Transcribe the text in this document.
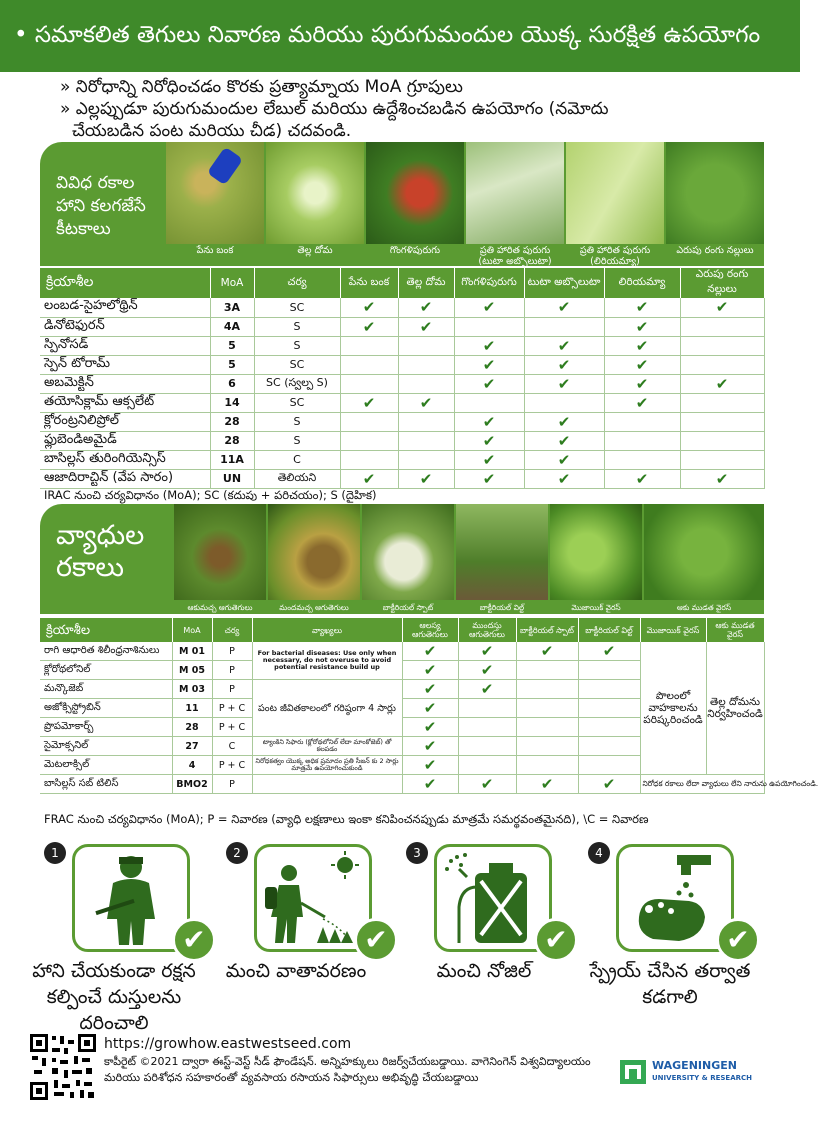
• సమాకలిత తెగులు నివారణ మరియు పురుగుమందుల యొక్క సురక్షిత ఉపయోగం
» నిరోధాన్ని నిరోధించడం కొరకు ప్రత్యామ్నాయ MoA గ్రూపులు
» ఎల్లప్పుడూ పురుగుమందుల లేబుల్ మరియు ఉద్దేశించబడిన ఉపయోగం (నమోదు
చేయబడిన పంట మరియు చీడ) చదవండి.
వివిధ రకాల
హాని కలగజేసే
కీటకాలు
పేను బంక	తెల్ల దోమ	గొంగళిపురుగు	ప్రతి హారిత పురుగు (టుటా అబ్సొలుటా)
ప్రతి హారిత పురుగు (లిరియమ్యా)
ఎరుపు రంగు నల్లులు
క్రియాశీల	MoA	చర్య	పేను బంక	తెల్ల దోమ	గొంగళిపురుగు	టుటా అబ్సొలుటా	లిరియమ్యా	ఎరుపు రంగు నల్లులు
లంబడ-సైహలోథ్రిన్	3A	SC	✔	✔	✔	✔	✔	✔
డినోటెఫురన్	4A	S	✔	✔			✔	
స్పినోసడ్	5	S			✔	✔	✔	
స్పెన్ టోరామ్	5	SC			✔	✔	✔	
అబమెక్టిన్	6	SC (స్వల్ప S)			✔	✔	✔	✔
తయోసిక్లామ్ ఆక్సలేట్	14	SC	✔	✔			✔	
క్లోరంట్రనిలిప్రోల్	28	S			✔	✔		
ఫ్లుబెండిఅమైడ్	28	S			✔	✔		
బాసిల్లస్ తురింగియెన్సిస్	11A	C			✔	✔		
ఆజాదిరాచ్టిన్ (వేప సారం)	UN	తెలియని	✔	✔	✔	✔	✔	✔
IRAC నుంచి చర్యవిధానం (MoA); SC (కదుపు + పరిచయం); S (దైహిక)
వ్యాధుల
రకాలు
ఆకుమచ్చ ఆగుతెగులు	మందమచ్చ ఆగుతెగులు	బాక్టీరియల్ స్పాట్	బాక్టీరియల్ విల్ట్	మొజాయిక్ వైరస్	ఆకు ముడత వైరస్
క్రియాశీల	MoA	చర్య	వ్యాఖ్యలు	ఆలస్య ఆగుతెగులు	ముందస్తు ఆగుతెగులు	బాక్టీరియల్ స్పాట్	బాక్టీరియల్ విల్ట్	మొజాయిక్ వైరస్	ఆకు ముడత వైరస్
రాగి ఆధారిత శిలీంధ్రనాశినులు	M 01	P	For bacterial diseases: Use only when necessary, do not overuse to avoid potential resistance build up	✔	✔	✔	✔	పొలంలో వాహకాలను పరిష్కరించండి	తెల్ల దోమను నిర్వహించండి
క్లోరోథలోనిల్	M 05	P		✔	✔				
మన్కొజెబ్	M 03	P	పంట జీవితకాలంలో గరిష్ఠంగా 4 సార్లు	✔	✔				
అజోక్సిస్ట్రోబిన్	11	P + C		✔					
ప్రొపమోకార్బ్	28	P + C		✔					
సైమోక్సనిల్	27	C	ట్యాంకిని సిఫారు (క్లోరోథలోనిల్ లేదా మాంకోజెబ్) తో కలపడం	✔					
మెటలాక్సిల్	4	P + C	నిరోధకత్వం యొక్క అధిక ప్రమాదం ప్రతి సీజన్ కు 2 సార్లు మాత్రమే ఉపయోగించుకుండి	✔					
బాసిల్లస్ సబ్ టిలిస్	BMO2	P		✔	✔	✔	✔	నిరోధక రకాలు లేదా వ్యాధులు లేని నారును ఉపయోగించండి.	
FRAC నుంచి చర్యవిధానం (MoA); P = నివారణ (వ్యాధి లక్షణాలు ఇంకా కనిపించనప్పుడు మాత్రమే సమర్థవంతమైనది), \C = నివారణ
1
✔
హాని చేయకుండా రక్షన కల్పించే దుస్తులను దరించాలి
2
✔
మంచి వాతావరణం
3
✔
మంచి నోజిల్
4
✔
స్ప్రేయ్ చేసిన తర్వాత కడగాలి
https://growhow.eastwestseed.com
కాపీరైట్ ©2021 ద్వారా ఈస్ట్-వెస్ట్ సీడ్ ఫౌండేషన్. అన్నిహక్కులు రిజర్వ్‌చేయబడ్డాయి. వాగెనింగెన్ విశ్వవిద్యాలయం మరియు పరిశోధన సహకారంతో వ్యవసాయ రసాయన సిఫార్సులు అభివృద్ధి చేయబడ్డాయి
WAGENINGEN
UNIVERSITY & RESEARCH
